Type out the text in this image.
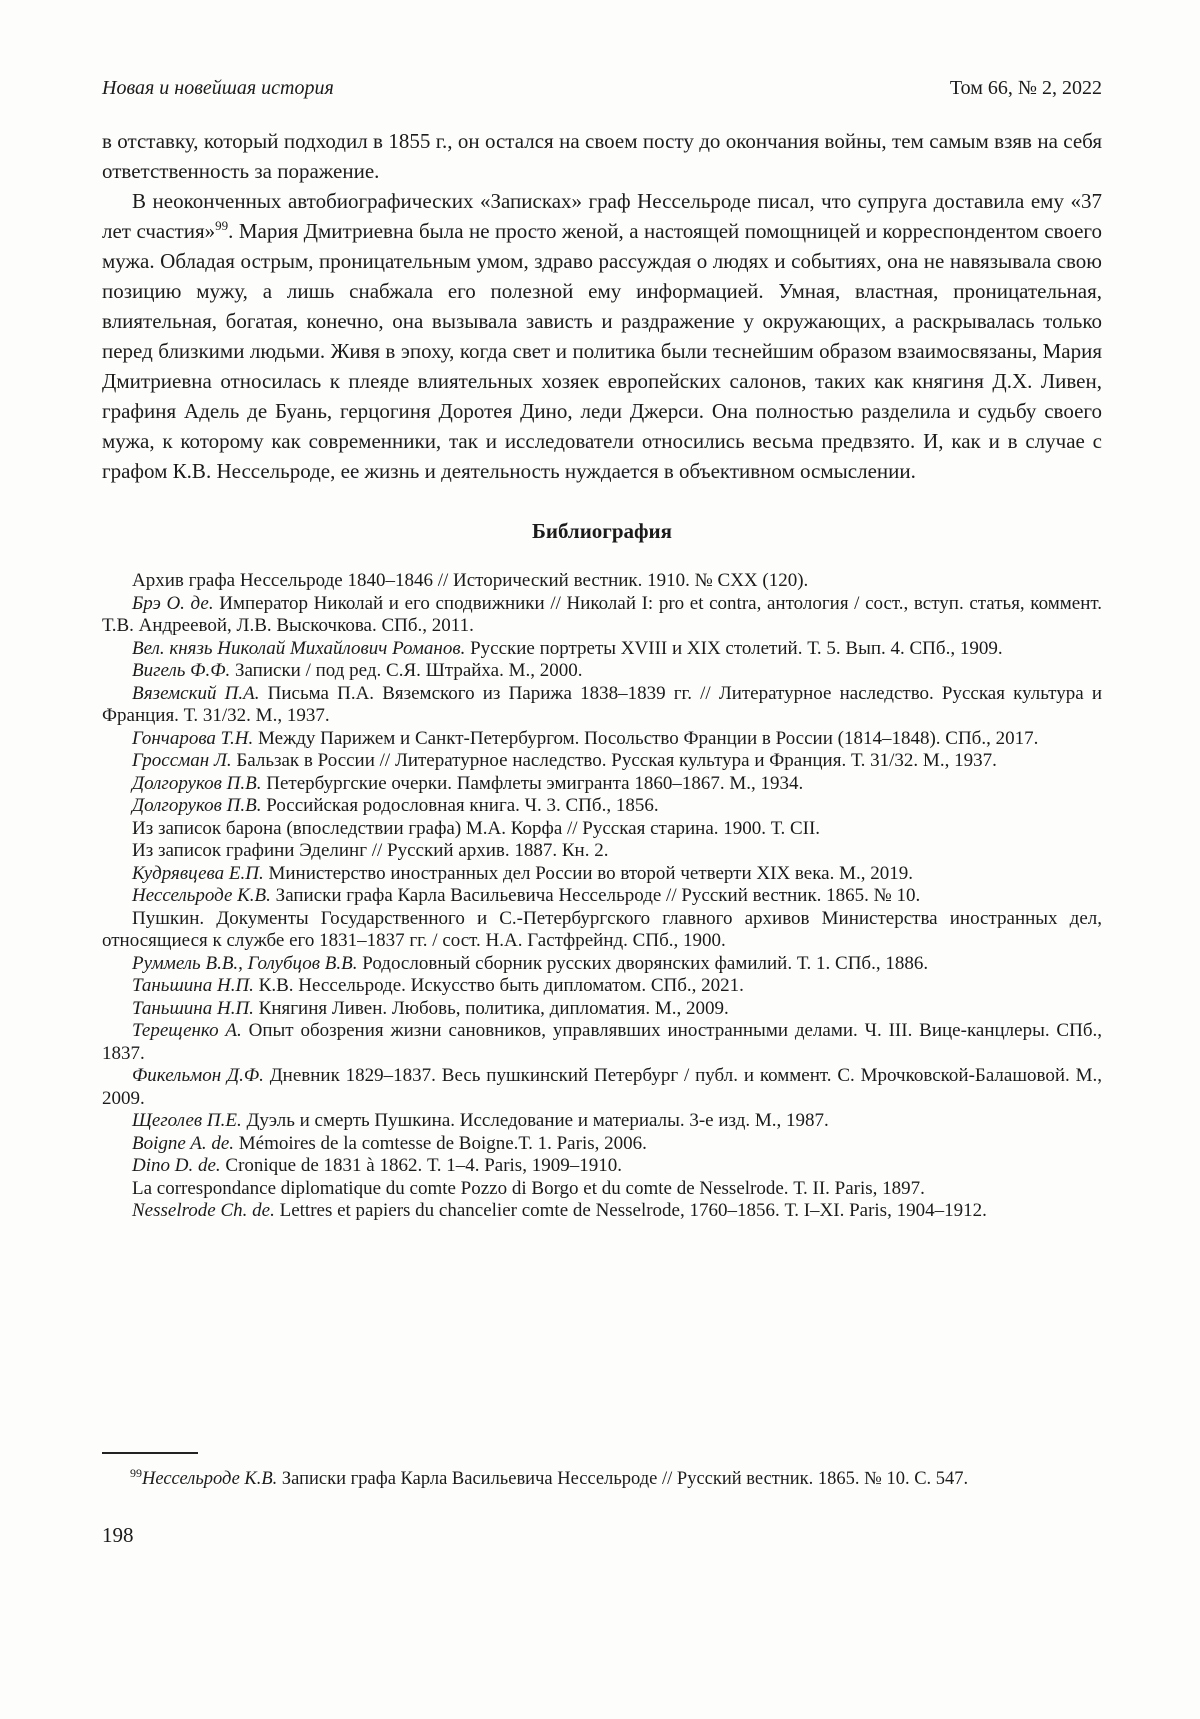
Новая и новейшая история	Том 66, № 2, 2022

в отставку, который подходил в 1855 г., он остался на своем посту до окончания войны, тем самым взяв на себя ответственность за поражение.

В неоконченных автобиографических «Записках» граф Нессельроде писал, что супруга доставила ему «37 лет счастия»$^{99}$. Мария Дмитриевна была не просто женой, а настоящей помощницей и корреспондентом своего мужа. Обладая острым, проницательным умом, здраво рассуждая о людях и событиях, она не навязывала свою позицию мужу, а лишь снабжала его полезной ему информацией. Умная, властная, проницательная, влиятельная, богатая, конечно, она вызывала зависть и раздражение у окружающих, а раскрывалась только перед близкими людьми. Живя в эпоху, когда свет и политика были теснейшим образом взаимосвязаны, Мария Дмитриевна относилась к плеяде влиятельных хозяек европейских салонов, таких как княгиня Д.Х. Ливен, графиня Адель де Буань, герцогиня Доротея Дино, леди Джерси. Она полностью разделила и судьбу своего мужа, к которому как современники, так и исследователи относились весьма предвзято. И, как и в случае с графом К.В. Нессельроде, ее жизнь и деятельность нуждается в объективном осмыслении.

Библиография

Архив графа Нессельроде 1840–1846 // Исторический вестник. 1910. № CXX (120).

Брэ О. де. Император Николай и его сподвижники // Николай I: pro et contra, антология / сост., вступ. статья, коммент. Т.В. Андреевой, Л.В. Выскочкова. СПб., 2011.

Вел. князь Николай Михайлович Романов. Русские портреты XVIII и XIX столетий. Т. 5. Вып. 4. СПб., 1909.

Вигель Ф.Ф. Записки / под ред. С.Я. Штрайха. М., 2000.

Вяземский П.А. Письма П.А. Вяземского из Парижа 1838–1839 гг. // Литературное наследство. Русская культура и Франция. Т. 31/32. М., 1937.

Гончарова Т.Н. Между Парижем и Санкт-Петербургом. Посольство Франции в России (1814–1848). СПб., 2017.

Гроссман Л. Бальзак в России // Литературное наследство. Русская культура и Франция. Т. 31/32. М., 1937.

Долгоруков П.В. Петербургские очерки. Памфлеты эмигранта 1860–1867. М., 1934.

Долгоруков П.В. Российская родословная книга. Ч. 3. СПб., 1856.

Из записок барона (впоследствии графа) М.А. Корфа // Русская старина. 1900. Т. CII.

Из записок графини Эделинг // Русский архив. 1887. Кн. 2.

Кудрявцева Е.П. Министерство иностранных дел России во второй четверти XIX века. М., 2019.

Нессельроде К.В. Записки графа Карла Васильевича Нессельроде // Русский вестник. 1865. № 10.

Пушкин. Документы Государственного и С.-Петербургского главного архивов Министерства иностранных дел, относящиеся к службе его 1831–1837 гг. / сост. Н.А. Гастфрейнд. СПб., 1900.

Руммель В.В., Голубцов В.В. Родословный сборник русских дворянских фамилий. Т. 1. СПб., 1886.

Таньшина Н.П. К.В. Нессельроде. Искусство быть дипломатом. СПб., 2021.

Таньшина Н.П. Княгиня Ливен. Любовь, политика, дипломатия. М., 2009.

Терещенко А. Опыт обозрения жизни сановников, управлявших иностранными делами. Ч. III. Вице-канцлеры. СПб., 1837.

Фикельмон Д.Ф. Дневник 1829–1837. Весь пушкинский Петербург / публ. и коммент. С. Мрочковской-Балашовой. М., 2009.

Щеголев П.Е. Дуэль и смерть Пушкина. Исследование и материалы. 3-е изд. М., 1987.

Boigne A. de. Mémoires de la comtesse de Boigne.Т. 1. Paris, 2006.

Dino D. de. Cronique de 1831 à 1862. Т. 1–4. Paris, 1909–1910.

La correspondance diplomatique du comte Pozzo di Borgo et du comte de Nesselrode. Т. II. Paris, 1897.

Nesselrode Ch. de. Lettres et papiers du chancelier comte de Nesselrode, 1760–1856. Т. I–XI. Paris, 1904–1912.

$^{99}$Нессельроде К.В. Записки графа Карла Васильевича Нессельроде // Русский вестник. 1865. № 10. С. 547.

198
